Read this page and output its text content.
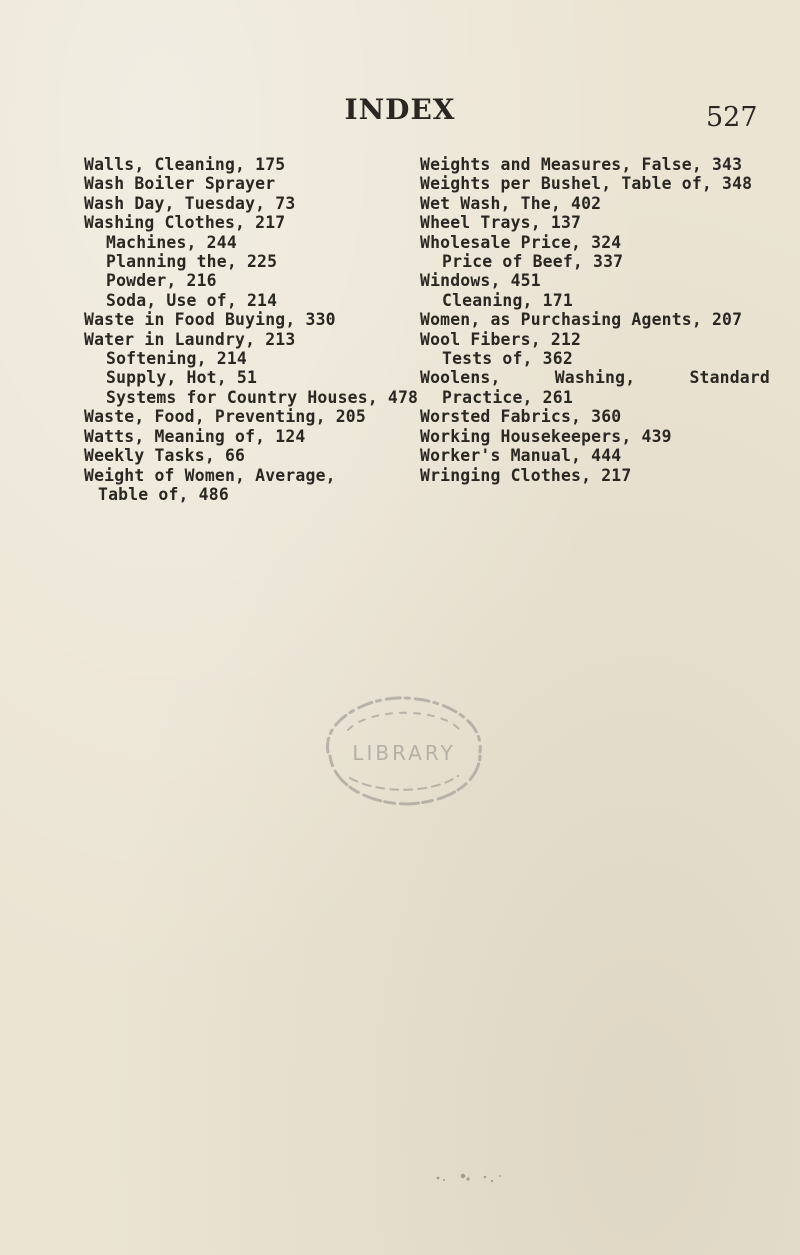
INDEX	527
Walls, Cleaning, 175
Wash Boiler Sprayer
Wash Day, Tuesday, 73
Washing Clothes, 217
Machines, 244
Planning the, 225
Powder, 216
Soda, Use of, 214
Waste in Food Buying, 330
Water in Laundry, 213
Softening, 214
Supply, Hot, 51
Systems for Country Houses, 478
Waste, Food, Preventing, 205
Watts, Meaning of, 124
Weekly Tasks, 66
Weight of Women, Average, Table of, 486
Weights and Measures, False, 343
Weights per Bushel, Table of, 348
Wet Wash, The, 402
Wheel Trays, 137
Wholesale Price, 324
Price of Beef, 337
Windows, 451
Cleaning, 171
Women, as Purchasing Agents, 207
Wool Fibers, 212
Tests of, 362
Woolens, Washing, Standard
Practice, 261
Worsted Fabrics, 360
Working Housekeepers, 439
Worker's Manual, 444
Wringing Clothes, 217
LIBRARY
